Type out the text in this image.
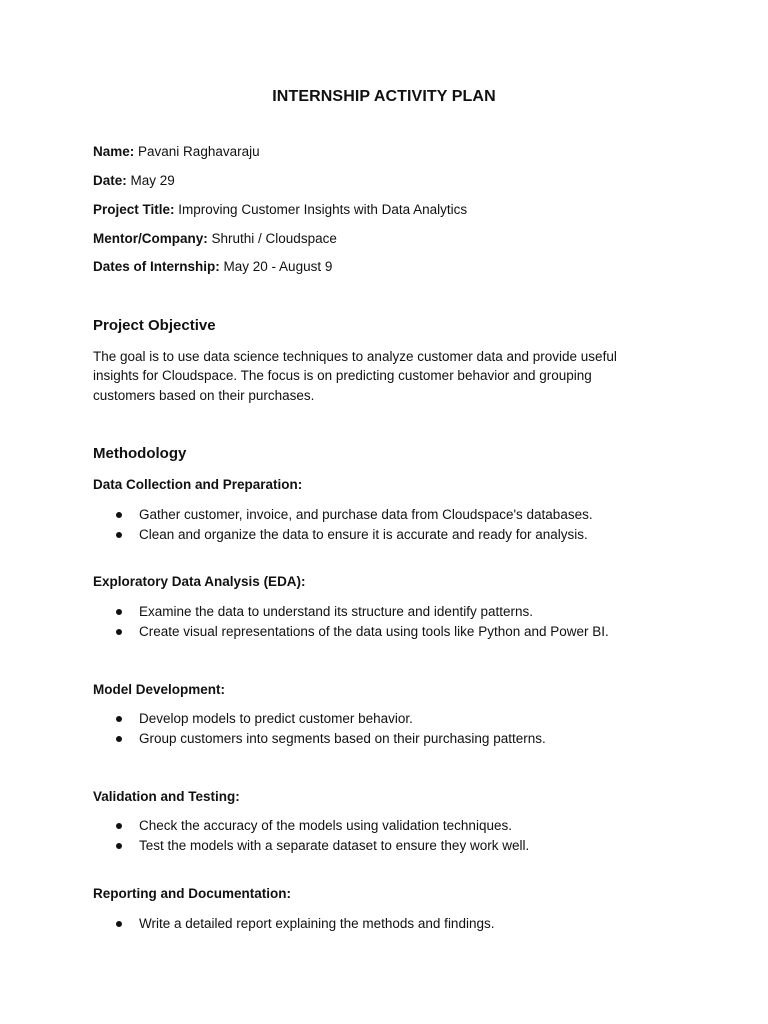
INTERNSHIP ACTIVITY PLAN
Name: Pavani Raghavaraju
Date: May 29
Project Title: Improving Customer Insights with Data Analytics
Mentor/Company: Shruthi / Cloudspace
Dates of Internship: May 20 - August 9
Project Objective
The goal is to use data science techniques to analyze customer data and provide useful
insights for Cloudspace. The focus is on predicting customer behavior and grouping
customers based on their purchases.
Methodology
Data Collection and Preparation:
Gather customer, invoice, and purchase data from Cloudspace's databases.
Clean and organize the data to ensure it is accurate and ready for analysis.
Exploratory Data Analysis (EDA):
Examine the data to understand its structure and identify patterns.
Create visual representations of the data using tools like Python and Power BI.
Model Development:
Develop models to predict customer behavior.
Group customers into segments based on their purchasing patterns.
Validation and Testing:
Check the accuracy of the models using validation techniques.
Test the models with a separate dataset to ensure they work well.
Reporting and Documentation:
Write a detailed report explaining the methods and findings.
